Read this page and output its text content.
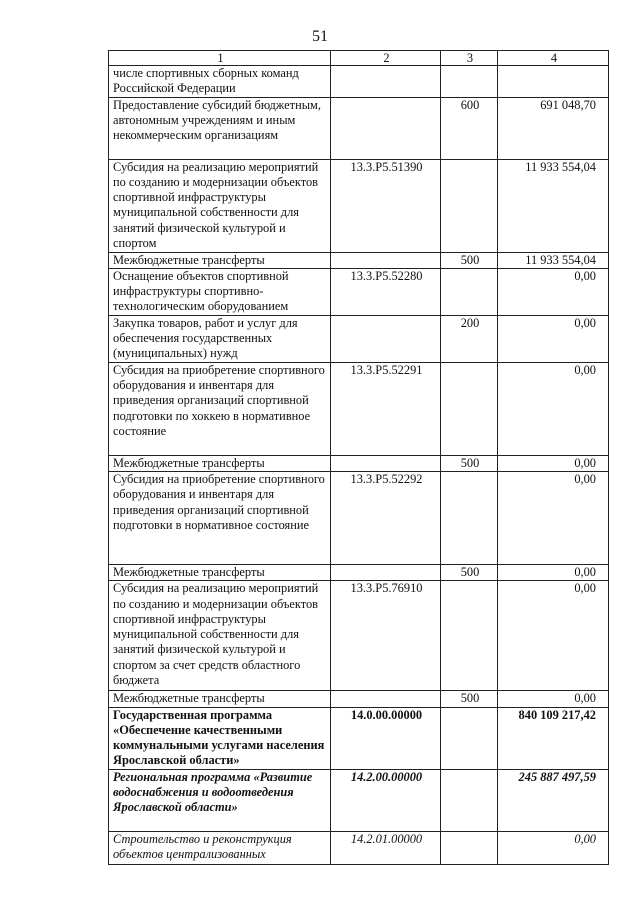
51
1	2	3	4
числе спортивных сборных команд Российской Федерации			
Предоставление субсидий бюджетным, автономным учреждениям и иным некоммерческим организациям		600	691 048,70
Субсидия на реализацию мероприятий по созданию и модернизации объектов спортивной инфраструктуры муниципальной собственности для занятий физической культурой и спортом	13.3.P5.51390		11 933 554,04
Межбюджетные трансферты		500	11 933 554,04
Оснащение объектов спортивной инфраструктуры спортивно-технологическим оборудованием	13.3.P5.52280		0,00
Закупка товаров, работ и услуг для обеспечения государственных (муниципальных) нужд		200	0,00
Субсидия на приобретение спортивного оборудования и инвентаря для приведения организаций спортивной подготовки по хоккею в нормативное состояние	13.3.P5.52291		0,00
Межбюджетные трансферты		500	0,00
Субсидия на приобретение спортивного оборудования и инвентаря для приведения организаций спортивной подготовки в нормативное состояние	13.3.P5.52292		0,00
Межбюджетные трансферты		500	0,00
Субсидия на реализацию мероприятий по созданию и модернизации объектов спортивной инфраструктуры муниципальной собственности для занятий физической культурой и спортом за счет средств областного бюджета	13.3.P5.76910		0,00
Межбюджетные трансферты		500	0,00
Государственная программа «Обеспечение качественными коммунальными услугами населения Ярославской области»	14.0.00.00000		840 109 217,42
Региональная программа «Развитие водоснабжения и водоотведения Ярославской области»	14.2.00.00000		245 887 497,59
Строительство и реконструкция объектов централизованных	14.2.01.00000		0,00
